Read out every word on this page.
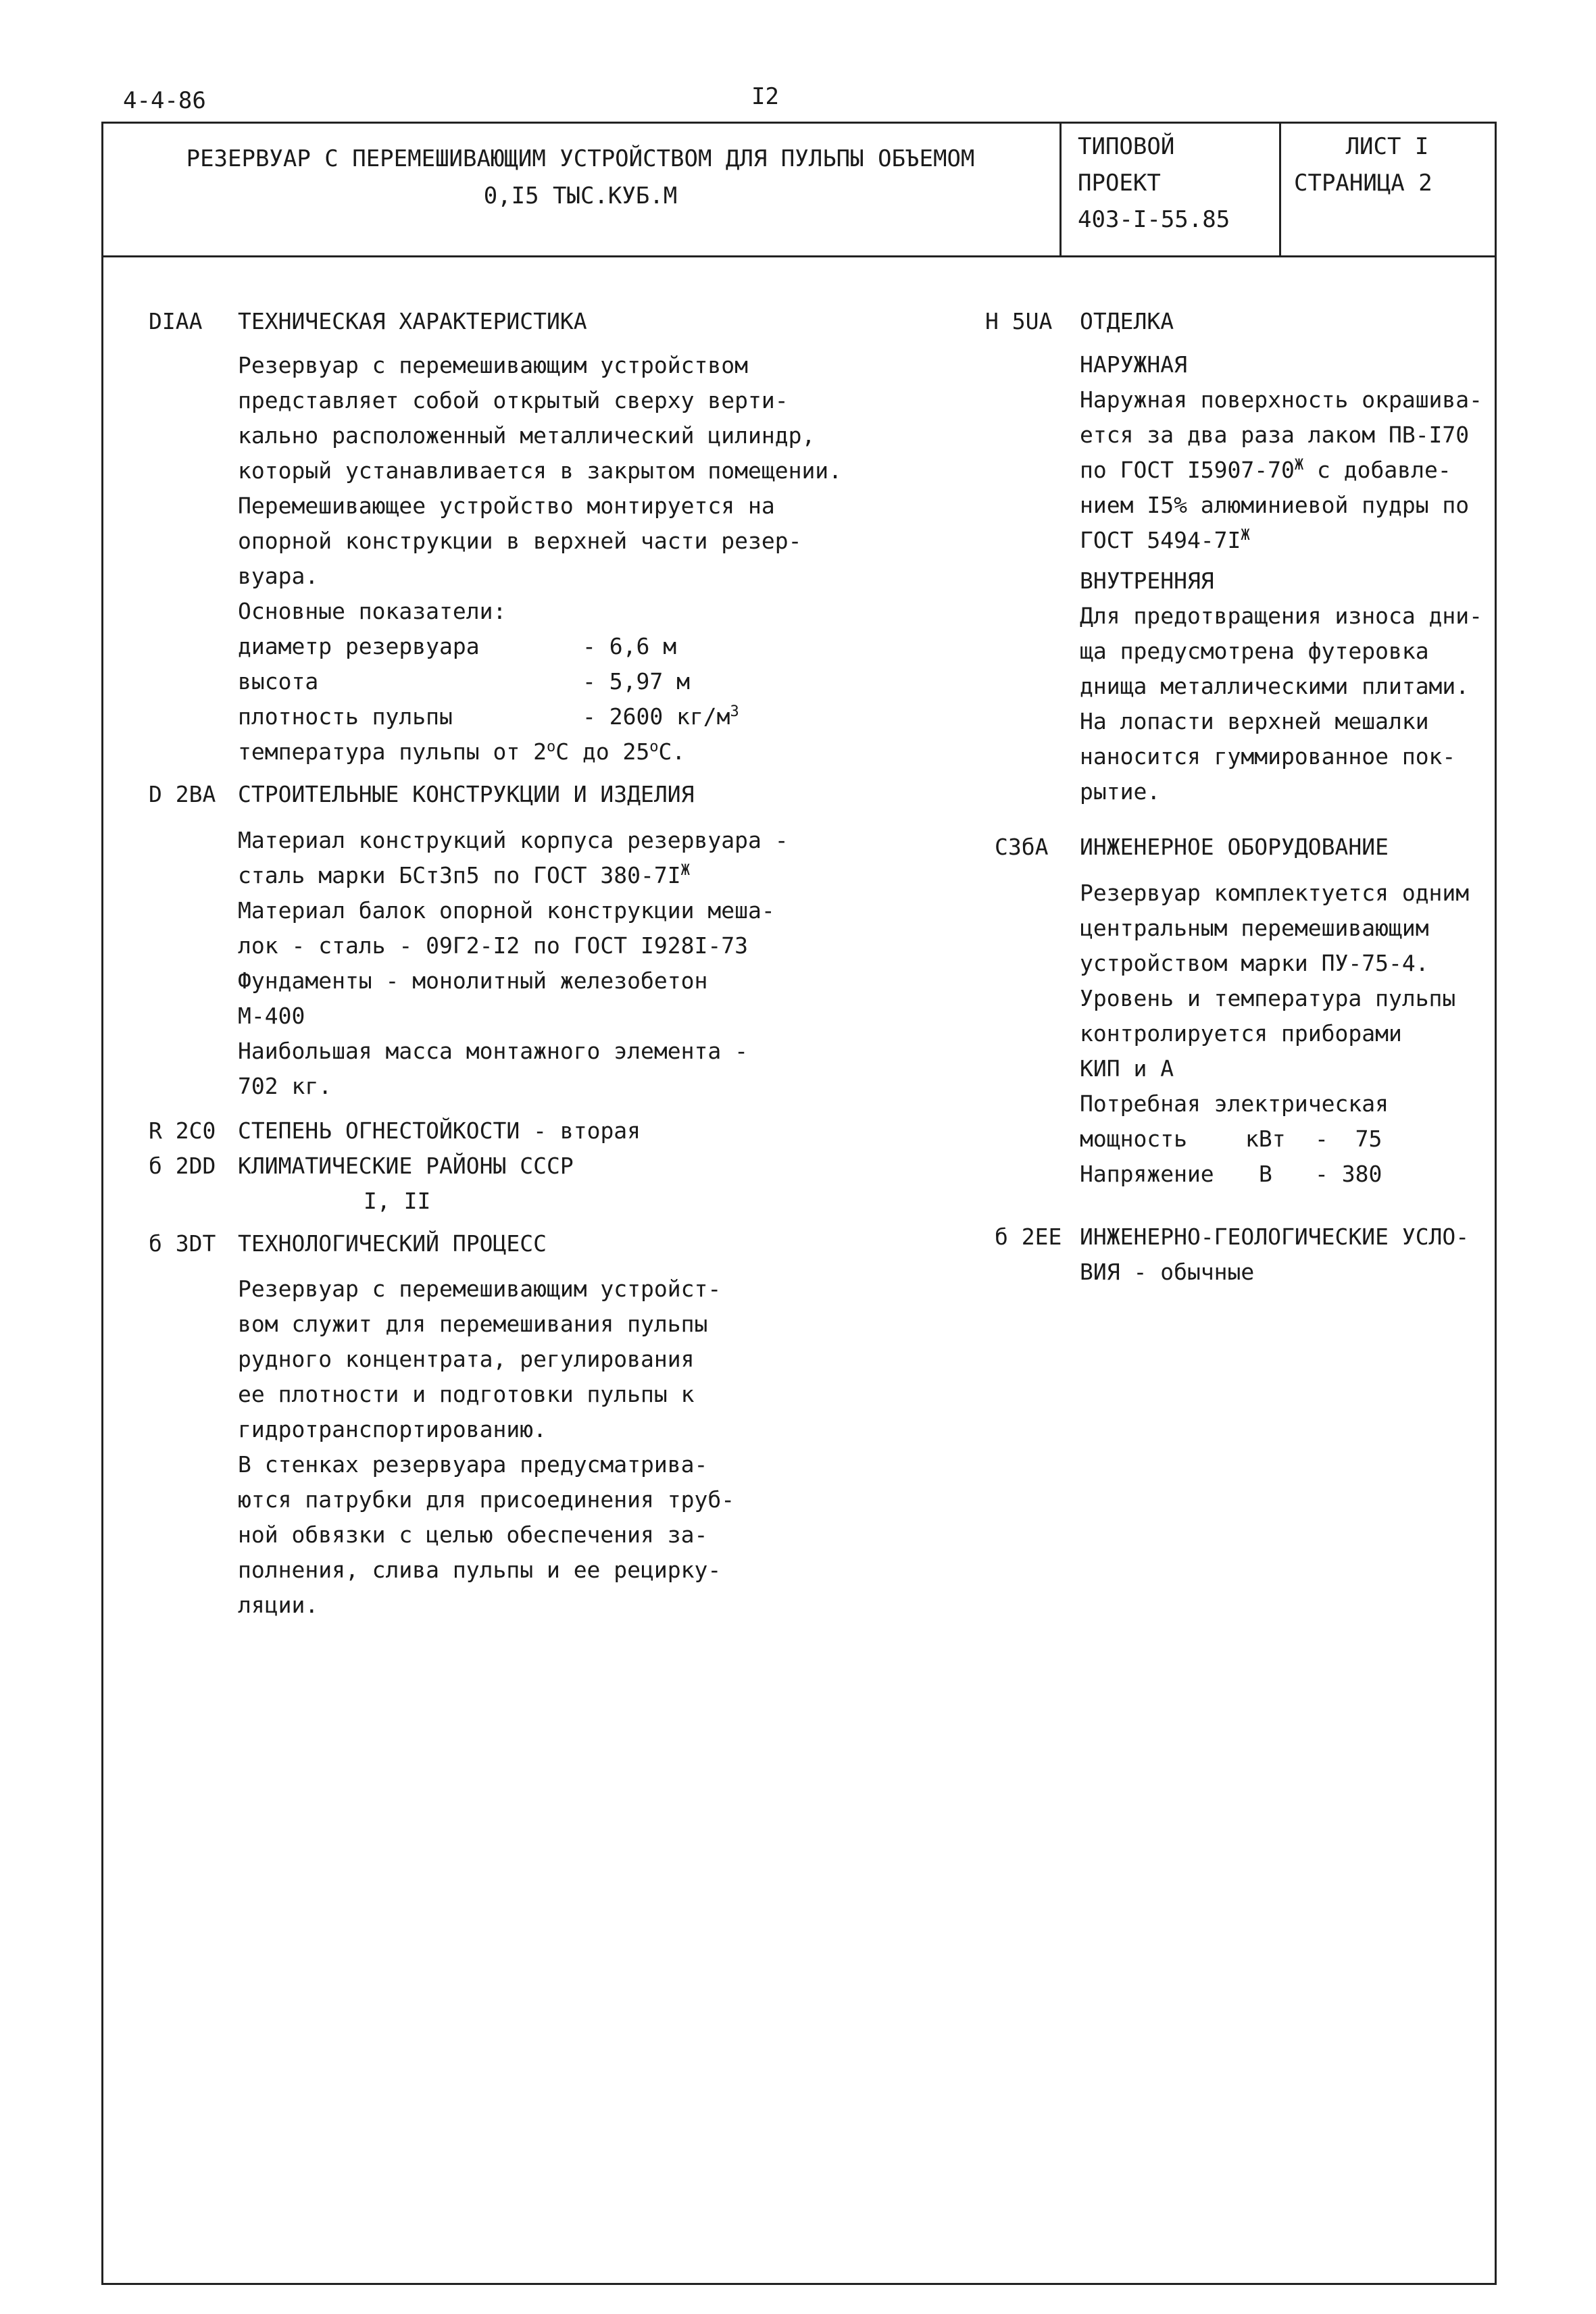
4-4-86	I2
РЕЗЕРВУАР С ПЕРЕМЕШИВАЮЩИМ УСТРОЙСТВОМ ДЛЯ ПУЛЬПЫ ОБЪЕМОМ
0,I5 ТЫС.КУБ.М
ТИПОВОЙ
ПРОЕКТ
403-I-55.85
ЛИСТ I
СТРАНИЦА 2
DIAA ТЕХНИЧЕСКАЯ ХАРАКТЕРИСТИКА
Резервуар с перемешивающим устройством
представляет собой открытый сверху верти-
кально расположенный металлический цилиндр,
который устанавливается в закрытом помещении.
Перемешивающее устройство монтируется на
опорной конструкции в верхней части резер-
вуара.
Основные показатели:
диаметр резервуара	- 6,6 м
высота	- 5,97 м
плотность пульпы	- 2600 $кг/м^3$
температура пульпы от $2^оС$ до $25^оС$.
D 2BA СТРОИТЕЛЬНЫЕ КОНСТРУКЦИИ И ИЗДЕЛИЯ
Материал конструкций корпуса резервуара -
сталь марки БСт3п5 по ГОСТ $380-7I^Ж$
Материал балок опорной конструкции меша-
лок - сталь - 09Г2-I2 по ГОСТ I928I-73
Фундаменты - монолитный железобетон
М-400
Наибольшая масса монтажного элемента -
702 кг.
R 2C0 СТЕПЕНЬ ОГНЕСТОЙКОСТИ - вторая
б 2DD КЛИМАТИЧЕСКИЕ РАЙОНЫ СССР
I, II
б 3DT ТЕХНОЛОГИЧЕСКИЙ ПРОЦЕСС
Резервуар с перемешивающим устройст-
вом служит для перемешивания пульпы
рудного концентрата, регулирования
ее плотности и подготовки пульпы к
гидротранспортированию.
В стенках резервуара предусматрива-
ются патрубки для присоединения труб-
ной обвязки с целью обеспечения за-
полнения, слива пульпы и ее рецирку-
ляции.
H 5UA ОТДЕЛКА
НАРУЖНАЯ
Наружная поверхность окрашива-
ется за два раза лаком ПВ-I70
по ГОСТ $I5907-70^Ж$ с добавле-
нием I5% алюминиевой пудры по
ГОСТ $5494-7I^Ж$
ВНУТРЕННЯЯ
Для предотвращения износа дни-
ща предусмотрена футеровка
днища металлическими плитами.
На лопасти верхней мешалки
наносится гуммированное пок-
рытие.
C3бA ИНЖЕНЕРНОЕ ОБОРУДОВАНИЕ
Резервуар комплектуется одним
центральным перемешивающим
устройством марки ПУ-75-4.
Уровень и температура пульпы
контролируется приборами
КИП и А
Потребная электрическая
мощность	кВт -  75
Напряжение В - 380
б 2EE ИНЖЕНЕРНО-ГЕОЛОГИЧЕСКИЕ УСЛО-
ВИЯ - обычные
